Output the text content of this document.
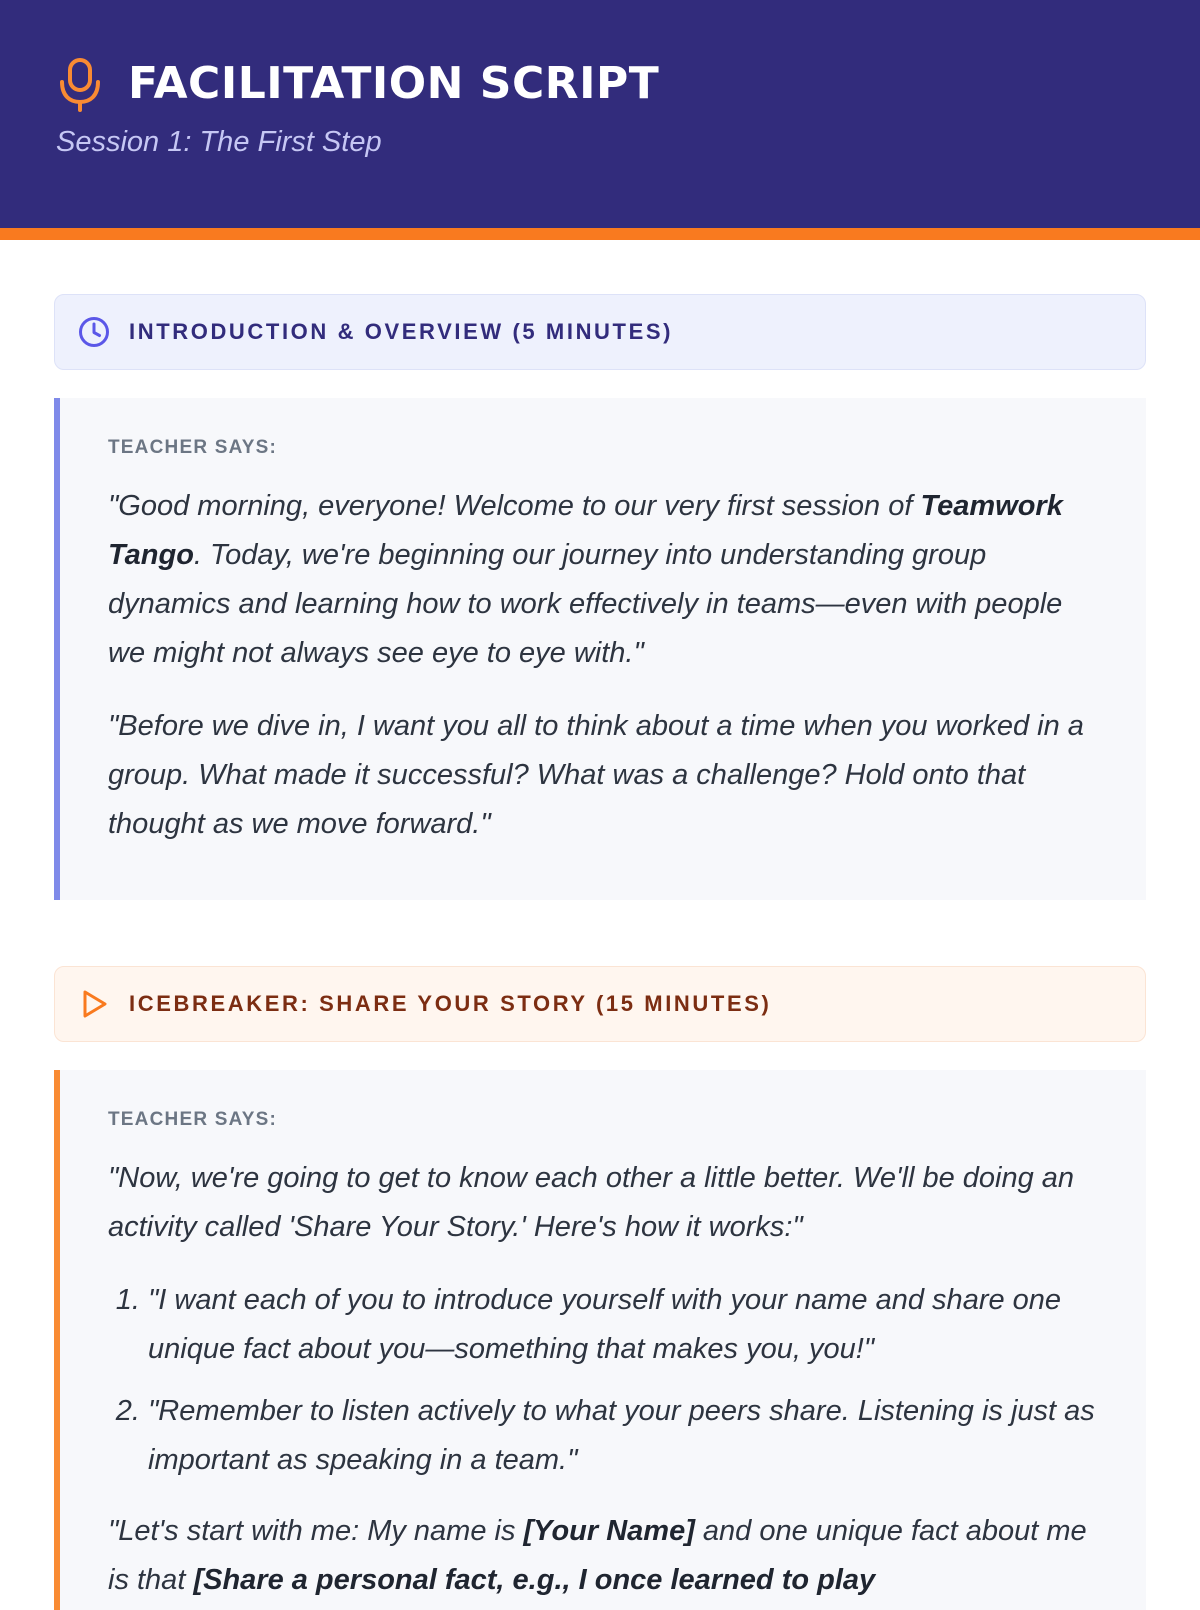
FACILITATION SCRIPT
Session 1: The First Step
INTRODUCTION & OVERVIEW (5 MINUTES)
TEACHER SAYS:

"Good morning, everyone! Welcome to our very first session of Teamwork Tango. Today, we're beginning our journey into understanding group dynamics and learning how to work effectively in teams—even with people we might not always see eye to eye with."

"Before we dive in, I want you all to think about a time when you worked in a group. What made it successful? What was a challenge? Hold onto that thought as we move forward."

ICEBREAKER: SHARE YOUR STORY (15 MINUTES)
TEACHER SAYS:

"Now, we're going to get to know each other a little better. We'll be doing an activity called 'Share Your Story.' Here's how it works:"

1. "I want each of you to introduce yourself with your name and share one unique fact about you—something that makes you, you!"
2. "Remember to listen actively to what your peers share. Listening is just as important as speaking in a team."

"Let's start with me: My name is [Your Name] and one unique fact about me is that [Share a personal fact, e.g., I once learned to play
